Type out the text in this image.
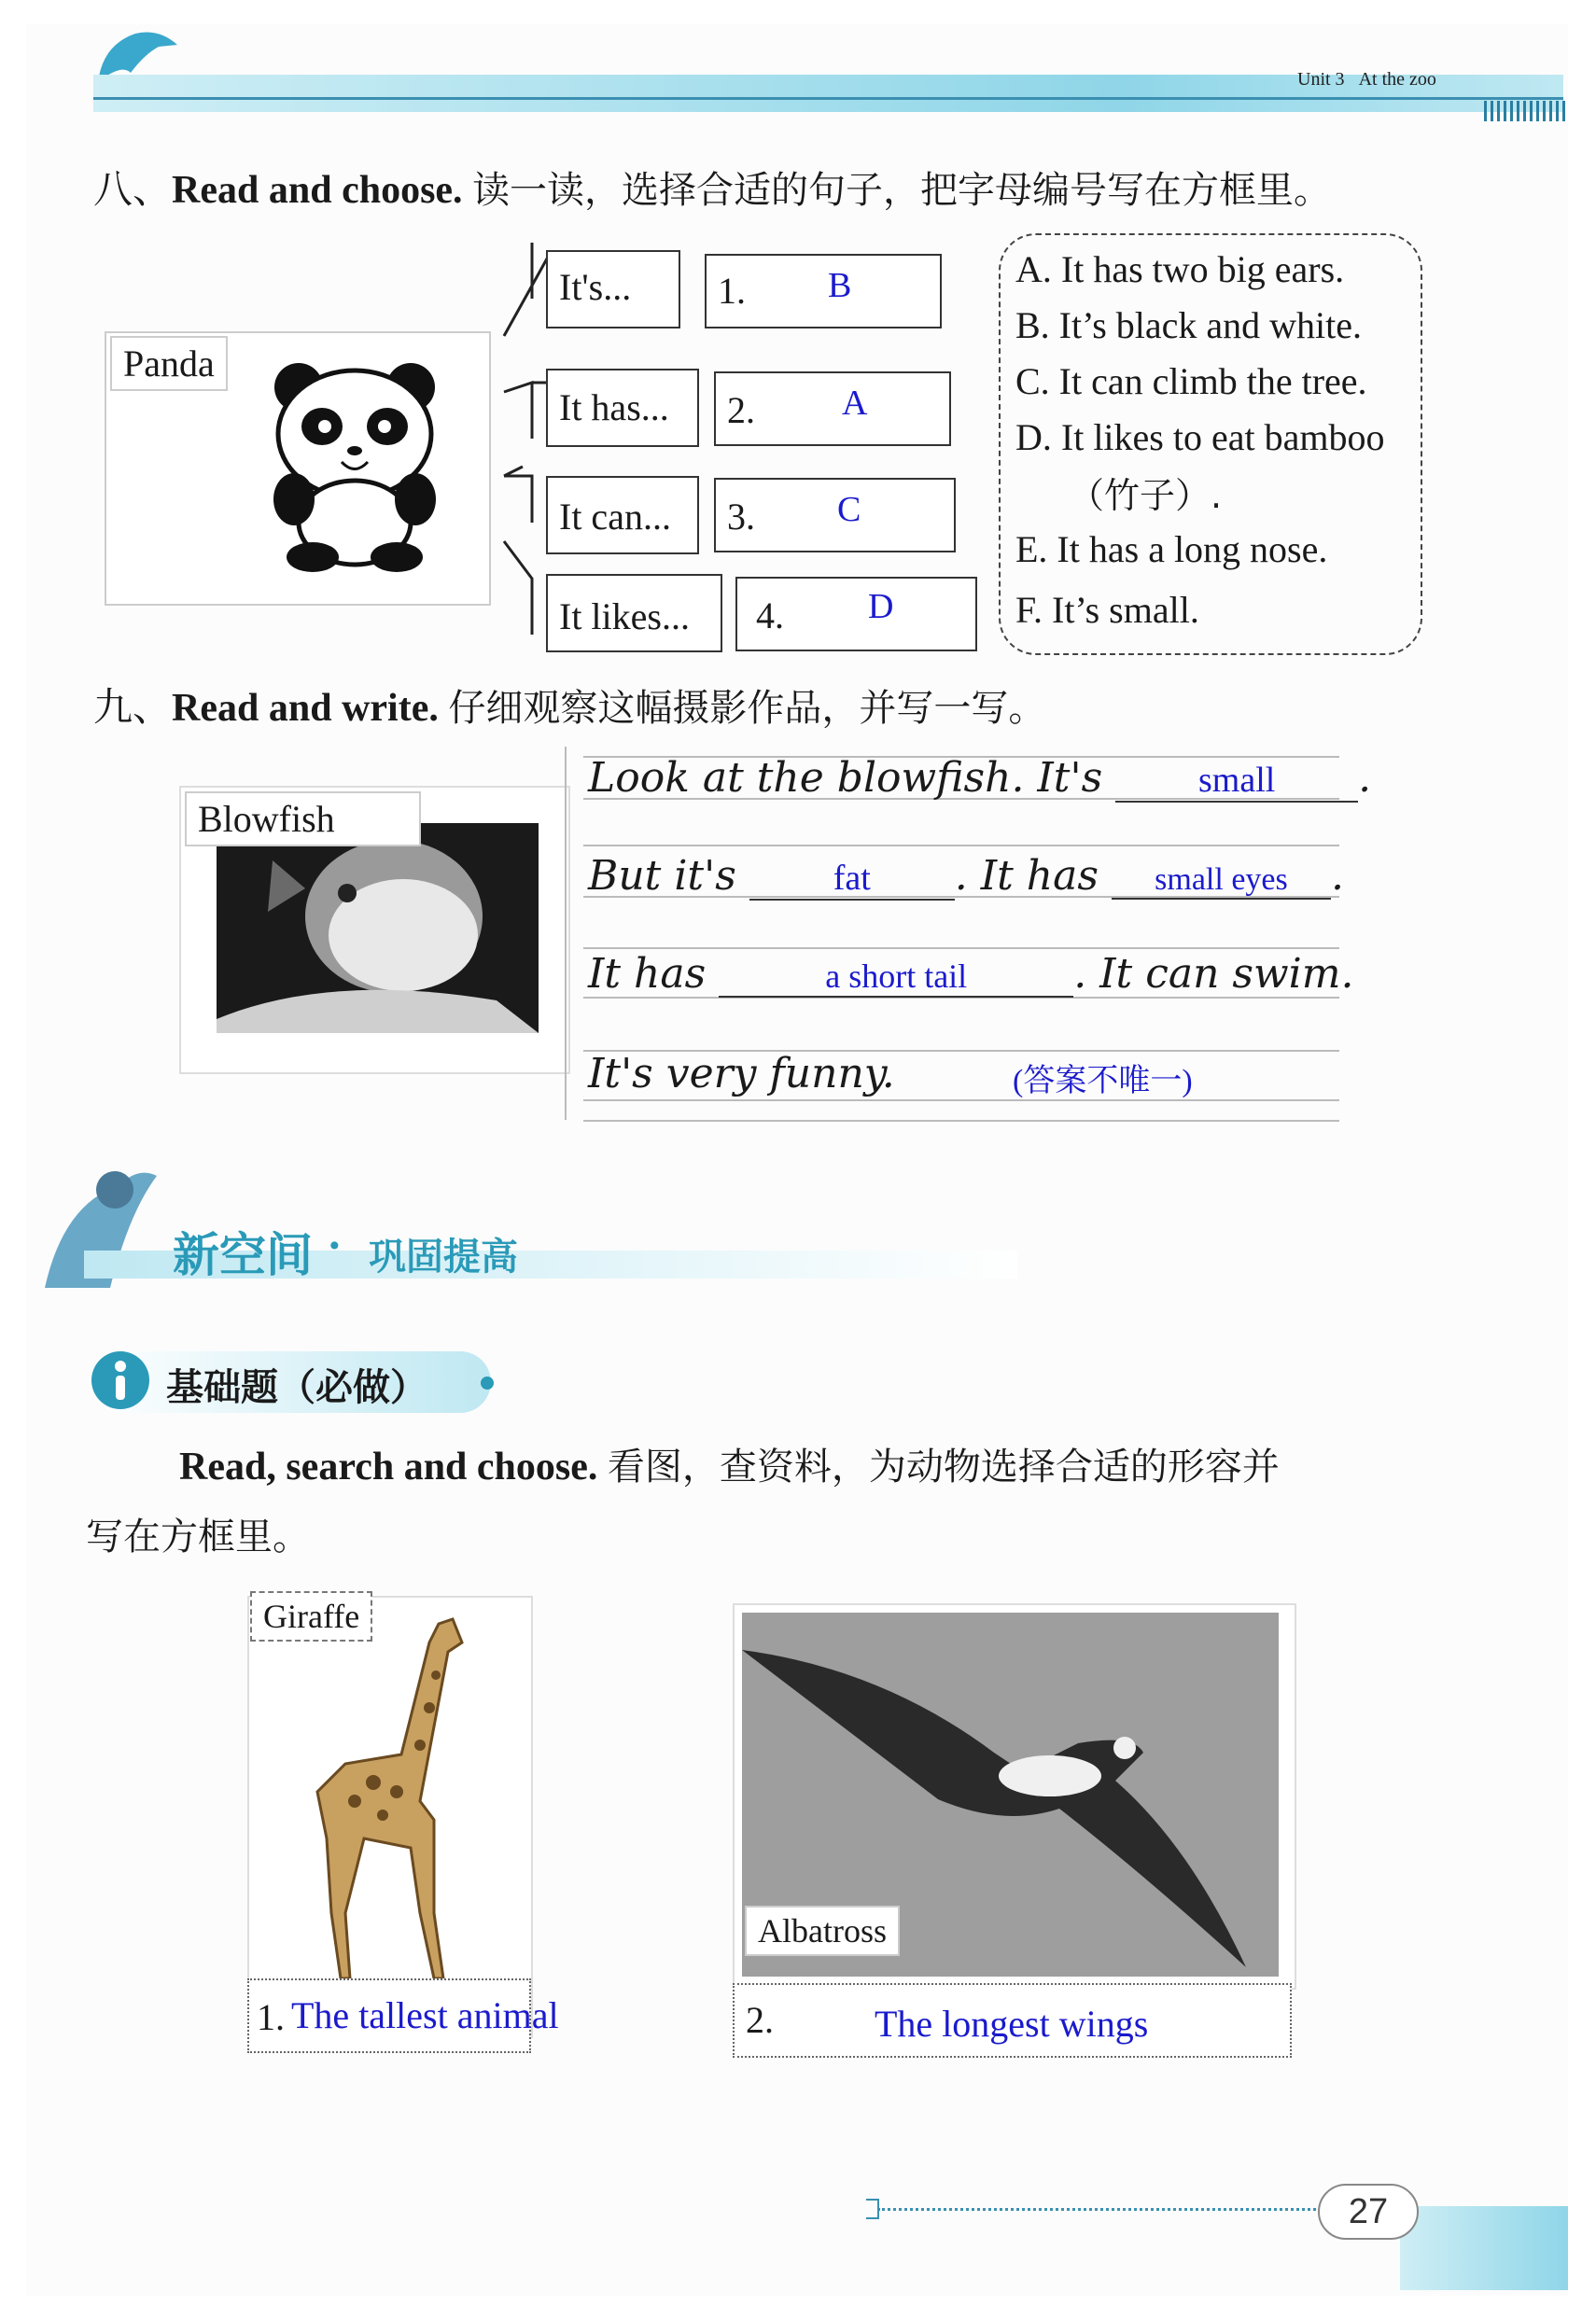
Unit 3 At the zoo
八、Read and choose. 读一读，选择合适的句子，把字母编号写在方框里。
Panda
It's... 1. B
It has... 2. A
It can... 3. C
It likes... 4. D
A. It has two big ears.
B. It’s black and white.
C. It can climb the tree.
D. It likes to eat bamboo
（竹子）.
E. It has a long nose.
F. It’s small.
九、Read and write. 仔细观察这幅摄影作品，并写一写。
Blowfish
Look at the blowfish. It's	small .
But it's	fat . It has small eyes .
It has	a short tail	. It can swim.
It's very funny.	(答案不唯一)
新空间 · 巩固提高
基础题（必做）
Read, search and choose. 看图，查资料，为动物选择合适的形容并
写在方框里。
Giraffe
1. The tallest animal
Albatross
2.	The longest wings
27
